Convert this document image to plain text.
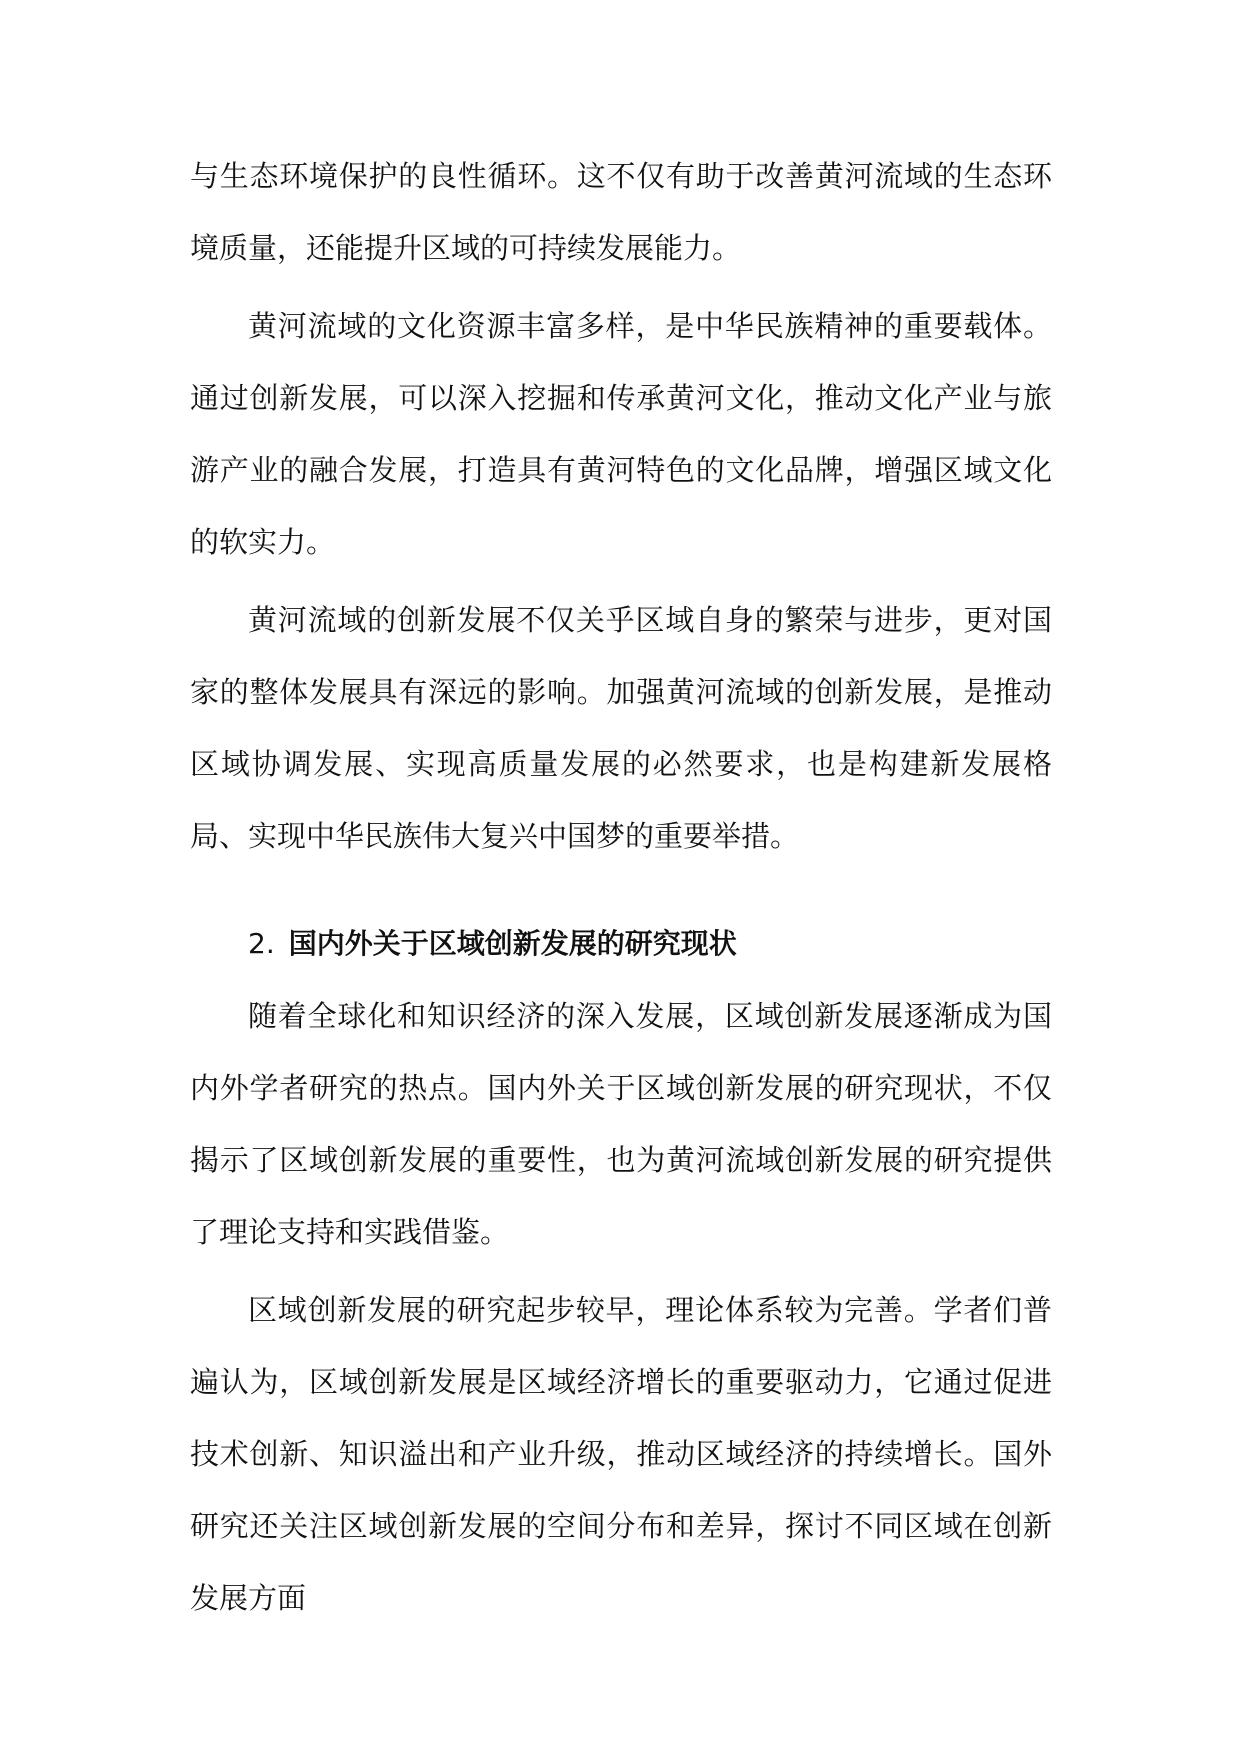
与生态环境保护的良性循环。这不仅有助于改善黄河流域的生态环境质量，还能提升区域的可持续发展能力。

黄河流域的文化资源丰富多样，是中华民族精神的重要载体。通过创新发展，可以深入挖掘和传承黄河文化，推动文化产业与旅游产业的融合发展，打造具有黄河特色的文化品牌，增强区域文化的软实力。

黄河流域的创新发展不仅关乎区域自身的繁荣与进步，更对国家的整体发展具有深远的影响。加强黄河流域的创新发展，是推动区域协调发展、实现高质量发展的必然要求，也是构建新发展格局、实现中华民族伟大复兴中国梦的重要举措。

2. 国内外关于区域创新发展的研究现状

随着全球化和知识经济的深入发展，区域创新发展逐渐成为国内外学者研究的热点。国内外关于区域创新发展的研究现状，不仅揭示了区域创新发展的重要性，也为黄河流域创新发展的研究提供了理论支持和实践借鉴。

区域创新发展的研究起步较早，理论体系较为完善。学者们普遍认为，区域创新发展是区域经济增长的重要驱动力，它通过促进技术创新、知识溢出和产业升级，推动区域经济的持续增长。国外研究还关注区域创新发展的空间分布和差异，探讨不同区域在创新发展方面
